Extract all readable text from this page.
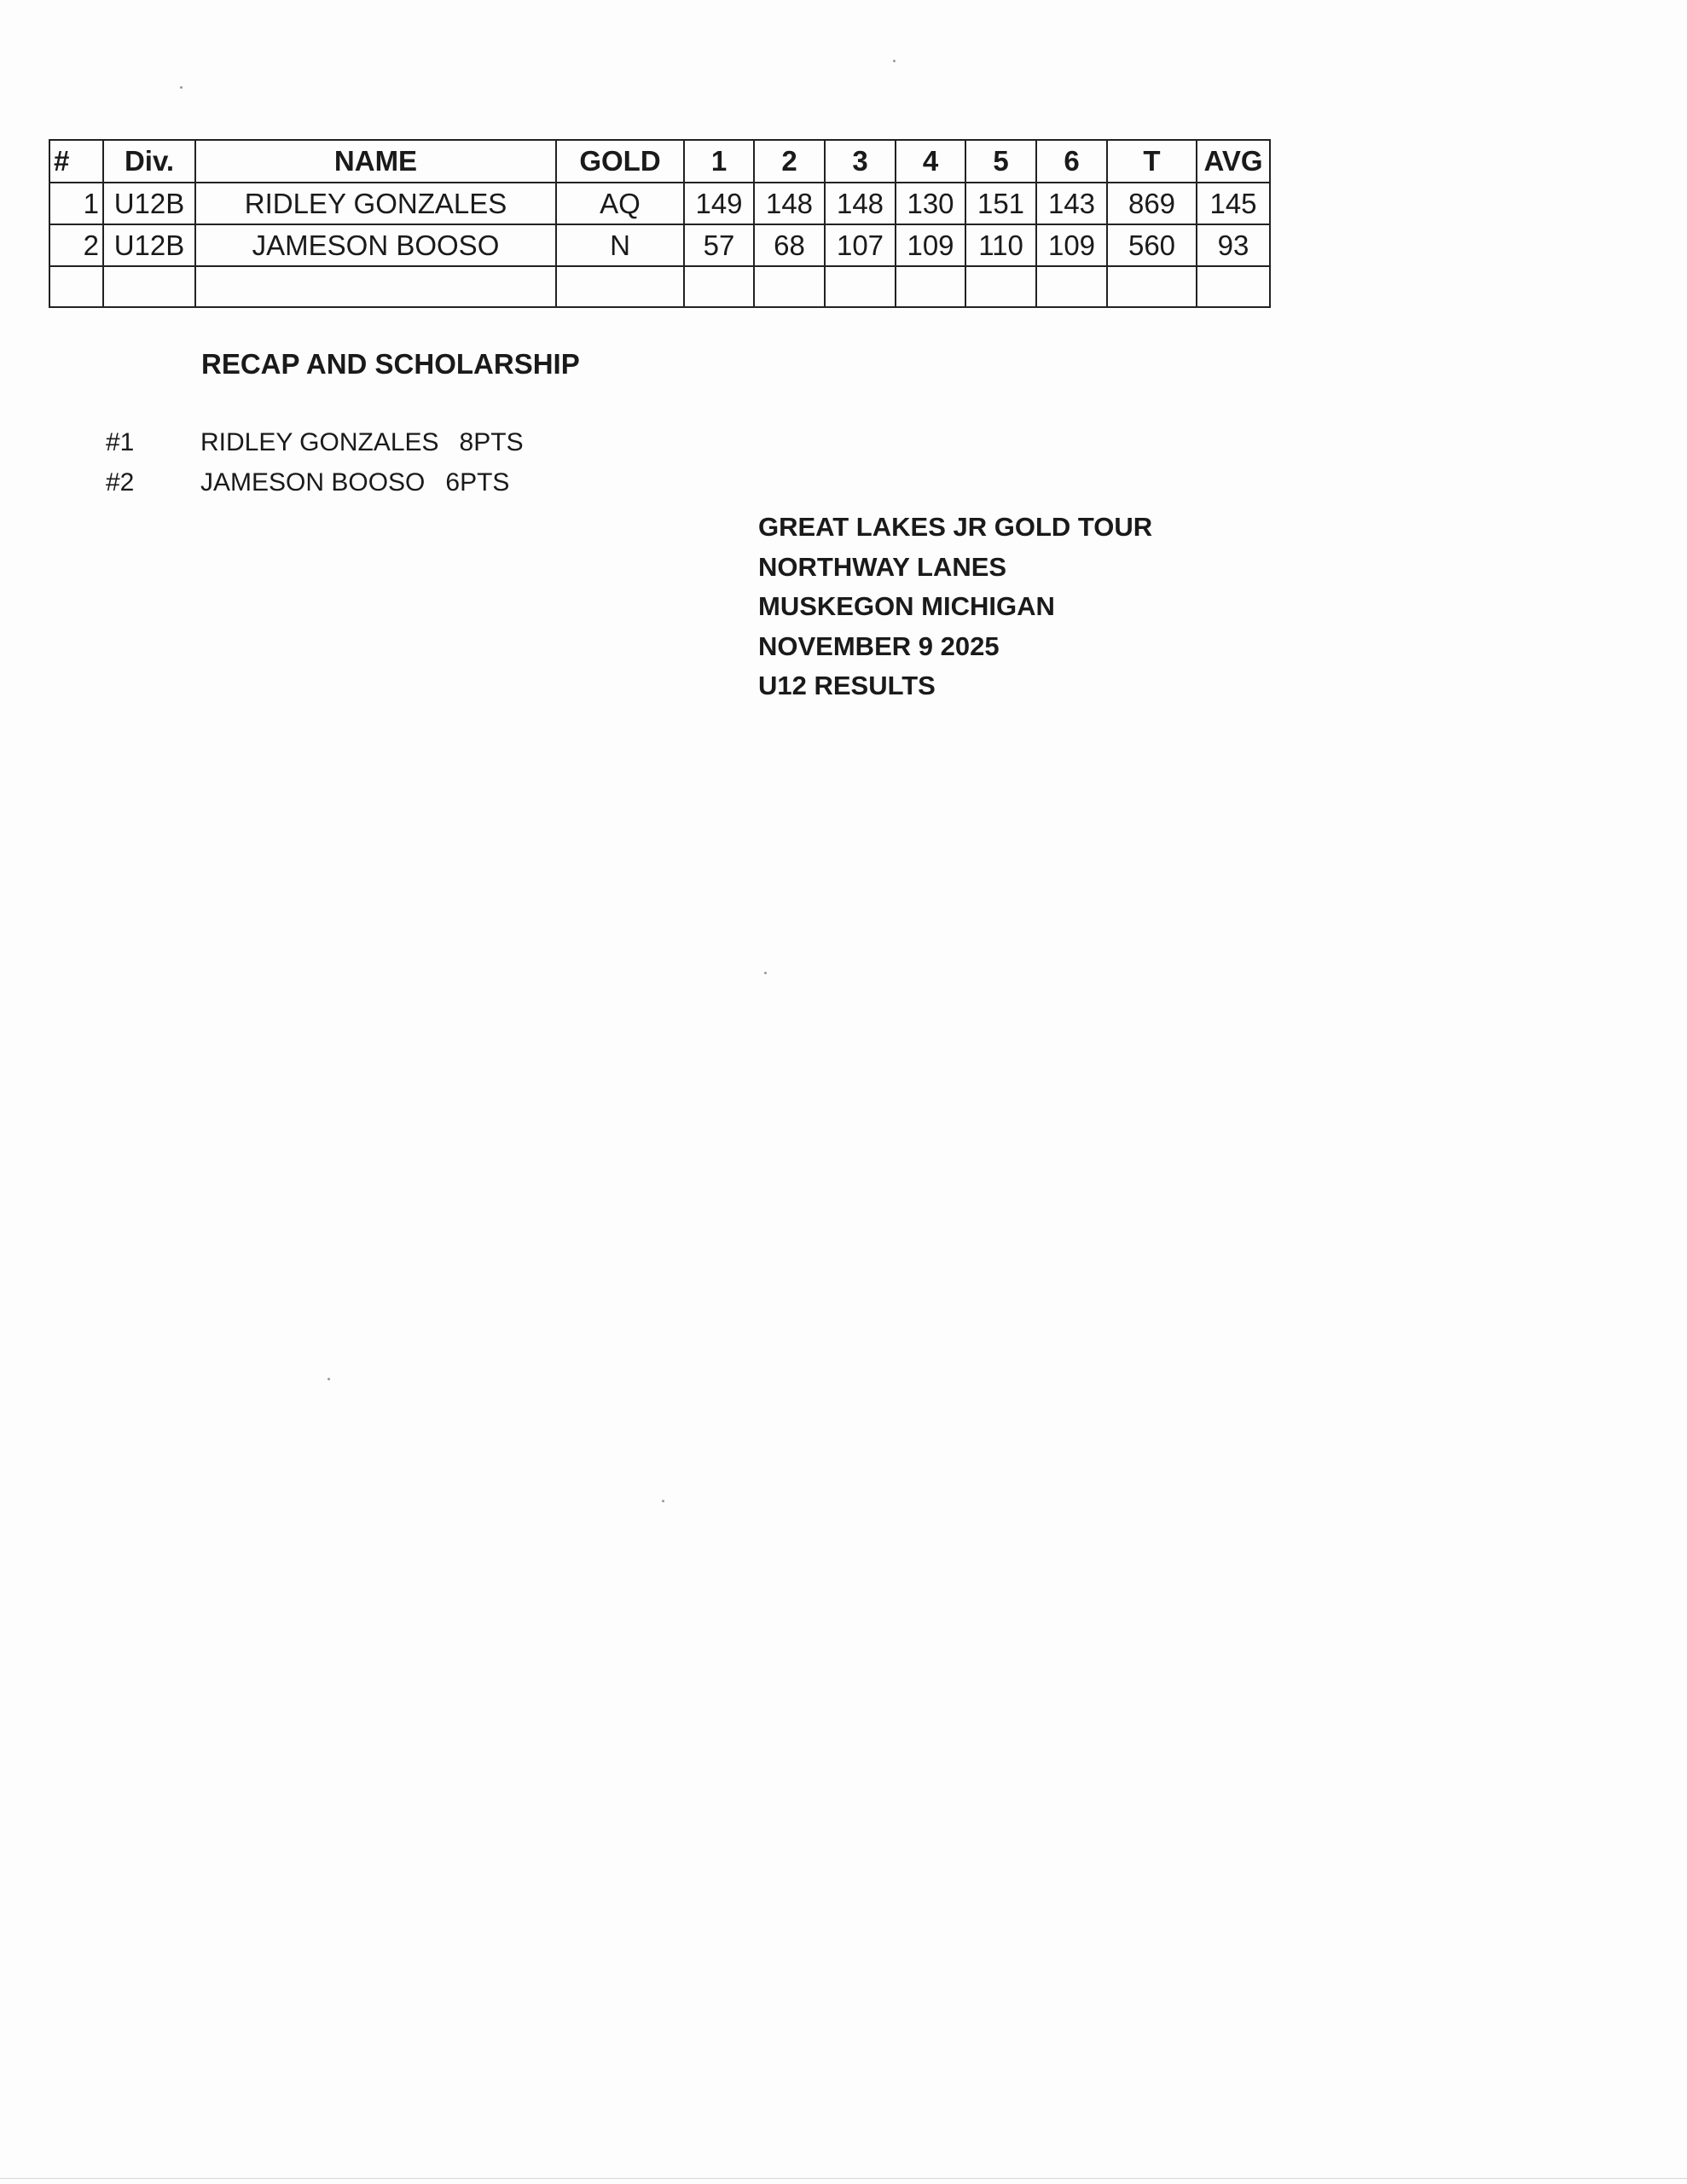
#	Div.	NAME	GOLD	1	2	3	4	5	6	T	AVG
1	U12B	RIDLEY GONZALES	AQ	149	148	148	130	151	143	869	145
2	U12B	JAMESON BOOSO	N	57	68	107	109	110	109	560	93

RECAP AND SCHOLARSHIP
#1	RIDLEY GONZALES 8PTS
#2	JAMESON BOOSO 6PTS
GREAT LAKES JR GOLD TOUR
NORTHWAY LANES
MUSKEGON MICHIGAN
NOVEMBER 9 2025
U12 RESULTS
